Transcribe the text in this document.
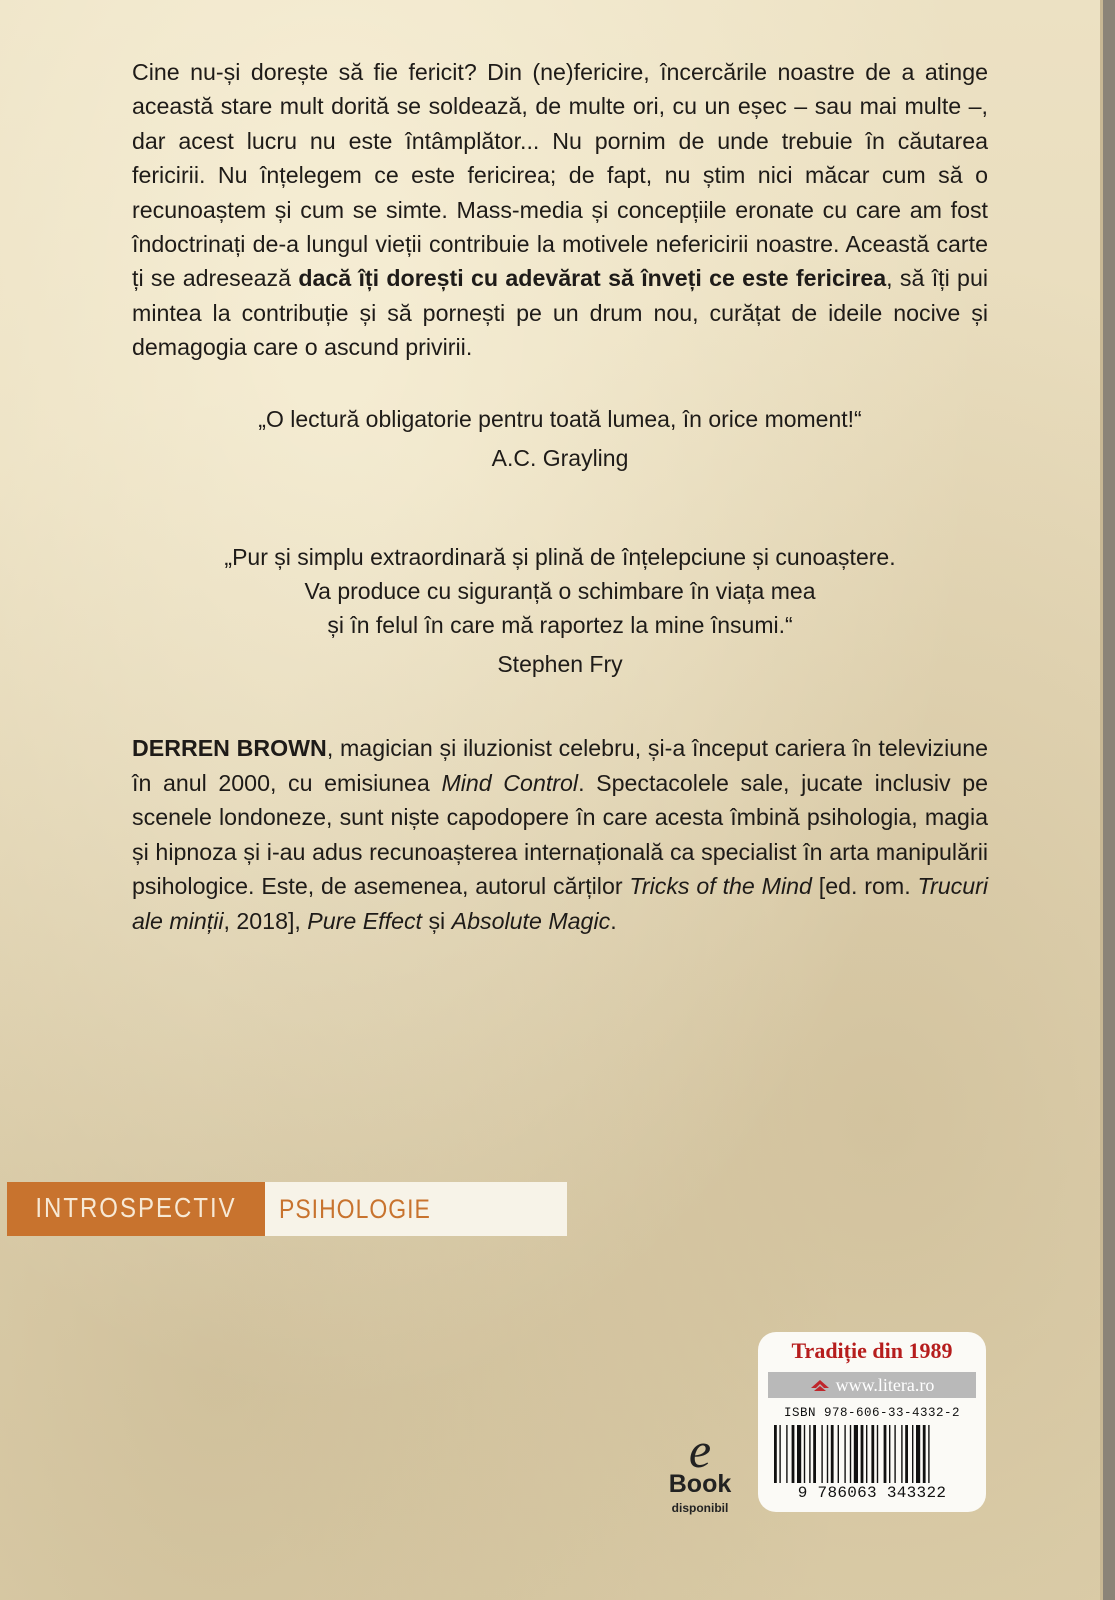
Cine nu-și dorește să fie fericit? Din (ne)fericire, încercările noastre de a atinge această stare mult dorită se soldează, de multe ori, cu un eșec – sau mai multe –, dar acest lucru nu este întâmplător... Nu pornim de unde trebuie în căutarea fericirii. Nu înțelegem ce este fericirea; de fapt, nu știm nici măcar cum să o recunoaștem și cum se simte. Mass-media și concepțiile eronate cu care am fost îndoctrinați de-a lungul vieții contribuie la motivele nefericirii noastre. Această carte ți se adresează dacă îți dorești cu adevărat să înveți ce este fericirea, să îți pui mintea la contribuție și să pornești pe un drum nou, curățat de ideile nocive și demagogia care o ascund privirii.

„O lectură obligatorie pentru toată lumea, în orice moment!“
A.C. Grayling
„Pur și simplu extraordinară și plină de înțelepciune și cunoaștere.
Va produce cu siguranță o schimbare în viața mea
și în felul în care mă raportez la mine însumi.“
Stephen Fry

DERREN BROWN, magician și iluzionist celebru, și-a început cariera în televiziune în anul 2000, cu emisiunea Mind Control. Spectacolele sale, jucate inclusiv pe scenele londoneze, sunt niște capodopere în care acesta îmbină psihologia, magia și hipnoza și i-au adus recunoașterea internațională ca specialist în arta manipulării psihologice. Este, de asemenea, autorul cărților Tricks of the Mind [ed. rom. Trucuri ale minții, 2018], Pure Effect și Absolute Magic.

INTROSPECTIV PSIHOLOGIE
e
Book
disponibil
Tradiție din 1989
www.litera.ro
ISBN 978-606-33-4332-2
9 786063 343322
